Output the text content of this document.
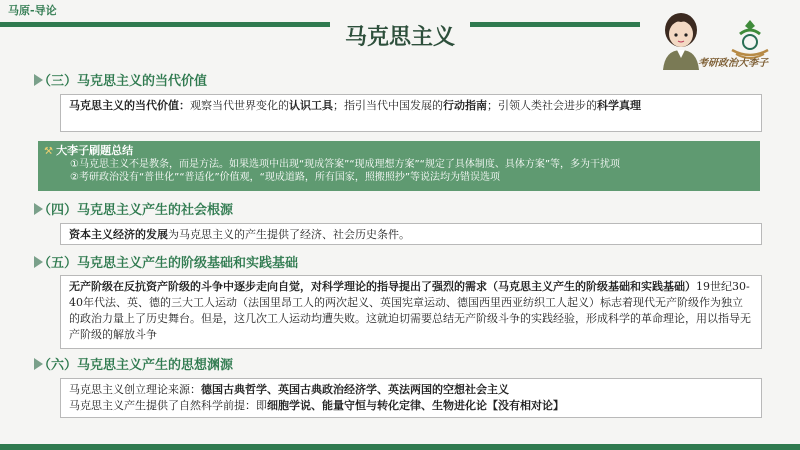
马原-导论
马克思主义
考研政治大李子
（三）马克思主义的当代价值
马克思主义的当代价值：观察当代世界变化的认识工具；指引当代中国发展的行动指南；引领人类社会进步的科学真理
⚒ 大李子刷题总结
①马克思主义不是教条，而是方法。如果选项中出现“现成答案”“现成理想方案”“规定了具体制度、具体方案”等，多为干扰项
②考研政治没有“普世化”“普适化”价值观，“现成道路，所有国家，照搬照抄”等说法均为错误选项
（四）马克思主义产生的社会根源
资本主义经济的发展为马克思主义的产生提供了经济、社会历史条件。
（五）马克思主义产生的阶级基础和实践基础
无产阶级在反抗资产阶级的斗争中逐步走向自觉，对科学理论的指导提出了强烈的需求（马克思主义产生的阶级基础和实践基础）19世纪30-40年代法、英、德的三大工人运动（法国里昂工人的两次起义、英国宪章运动、德国西里西亚纺织工人起义）标志着现代无产阶级作为独立的政治力量上了历史舞台。但是，这几次工人运动均遭失败。这就迫切需要总结无产阶级斗争的实践经验，形成科学的革命理论，用以指导无产阶级的解放斗争
（六）马克思主义产生的思想渊源
马克思主义创立理论来源：德国古典哲学、英国古典政治经济学、英法两国的空想社会主义
马克思主义产生提供了自然科学前提：即细胞学说、能量守恒与转化定律、生物进化论【没有相对论】
